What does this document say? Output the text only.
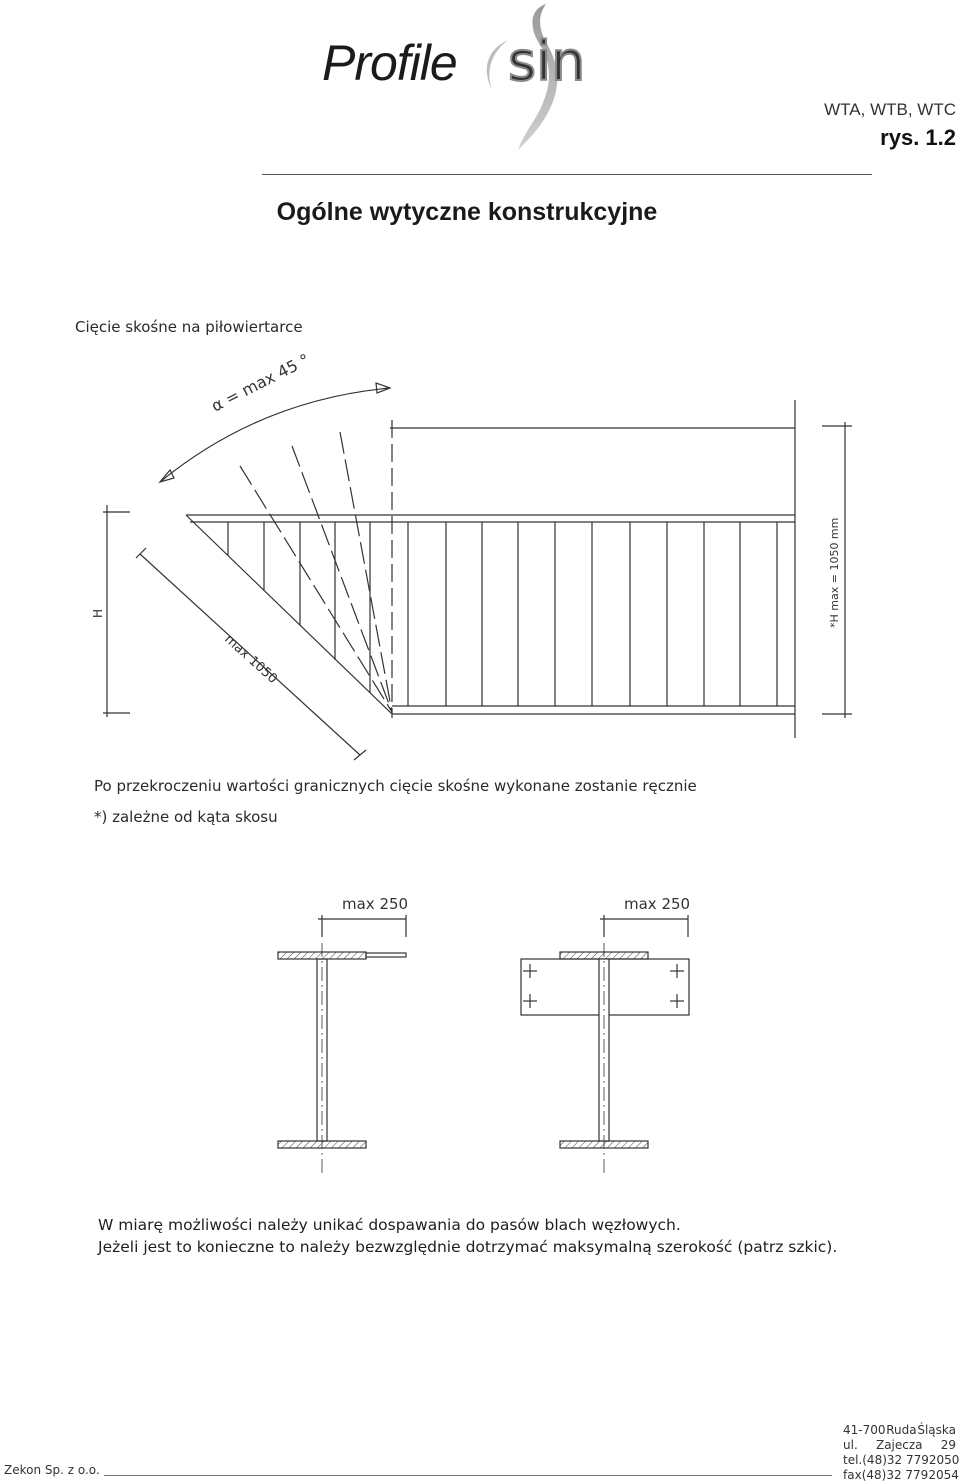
Profile sin
WTA, WTB, WTC
rys. 1.2
Ogólne wytyczne konstrukcyjne
Cięcie skośne na piłowiertarce
α = max 45 °
H
max 1050
*H max = 1050 mm
Po przekroczeniu wartości granicznych cięcie skośne wykonane zostanie ręcznie
*) zależne od kąta skosu
max 250	max 250
W miarę możliwości należy unikać dospawania do pasów blach węzłowych.
Jeżeli jest to konieczne to należy bezwzględnie dotrzymać maksymalną szerokość (patrz szkic).
Zekon Sp. z o.o.
41-700 Ruda Śląska
ul. Zajecza 29
tel. (48) 32 7792050
fax (48) 32 7792054
